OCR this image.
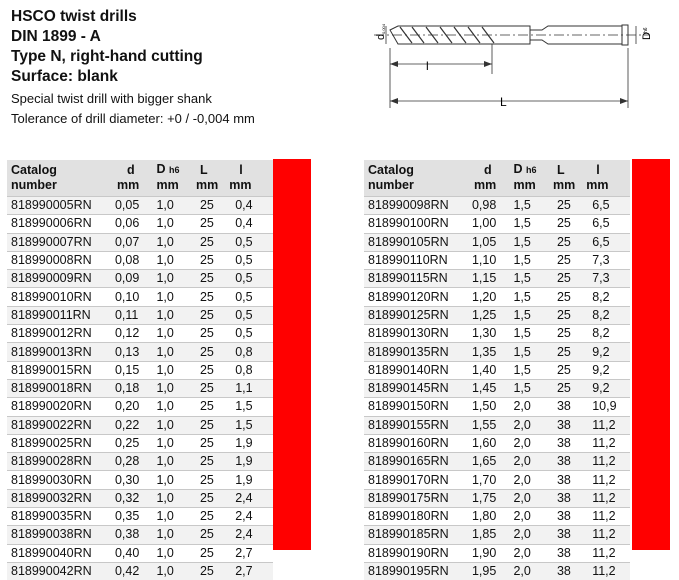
HSCO twist drills
DIN 1899 - A
Type N, right-hand cutting
Surface: blank

Special twist drill with bigger shank

Tolerance of drill diameter: +0 / -0,004 mm

d
0.004
D
h6
l
L
Catalog	d	D h6	L	l
number	mm	mm	mm	mm
818990005RN	0,05	1,0	25	0,4
818990006RN	0,06	1,0	25	0,4
818990007RN	0,07	1,0	25	0,5
818990008RN	0,08	1,0	25	0,5
818990009RN	0,09	1,0	25	0,5
818990010RN	0,10	1,0	25	0,5
818990011RN	0,11	1,0	25	0,5
818990012RN	0,12	1,0	25	0,5
818990013RN	0,13	1,0	25	0,8
818990015RN	0,15	1,0	25	0,8
818990018RN	0,18	1,0	25	1,1
818990020RN	0,20	1,0	25	1,5
818990022RN	0,22	1,0	25	1,5
818990025RN	0,25	1,0	25	1,9
818990028RN	0,28	1,0	25	1,9
818990030RN	0,30	1,0	25	1,9
818990032RN	0,32	1,0	25	2,4
818990035RN	0,35	1,0	25	2,4
818990038RN	0,38	1,0	25	2,4
818990040RN	0,40	1,0	25	2,7
818990042RN	0,42	1,0	25	2,7
Catalog	d	D h6	L	l
number	mm	mm	mm	mm
818990098RN	0,98	1,5	25	6,5
818990100RN	1,00	1,5	25	6,5
818990105RN	1,05	1,5	25	6,5
818990110RN	1,10	1,5	25	7,3
818990115RN	1,15	1,5	25	7,3
818990120RN	1,20	1,5	25	8,2
818990125RN	1,25	1,5	25	8,2
818990130RN	1,30	1,5	25	8,2
818990135RN	1,35	1,5	25	9,2
818990140RN	1,40	1,5	25	9,2
818990145RN	1,45	1,5	25	9,2
818990150RN	1,50	2,0	38	10,9
818990155RN	1,55	2,0	38	11,2
818990160RN	1,60	2,0	38	11,2
818990165RN	1,65	2,0	38	11,2
818990170RN	1,70	2,0	38	11,2
818990175RN	1,75	2,0	38	11,2
818990180RN	1,80	2,0	38	11,2
818990185RN	1,85	2,0	38	11,2
818990190RN	1,90	2,0	38	11,2
818990195RN	1,95	2,0	38	11,2
